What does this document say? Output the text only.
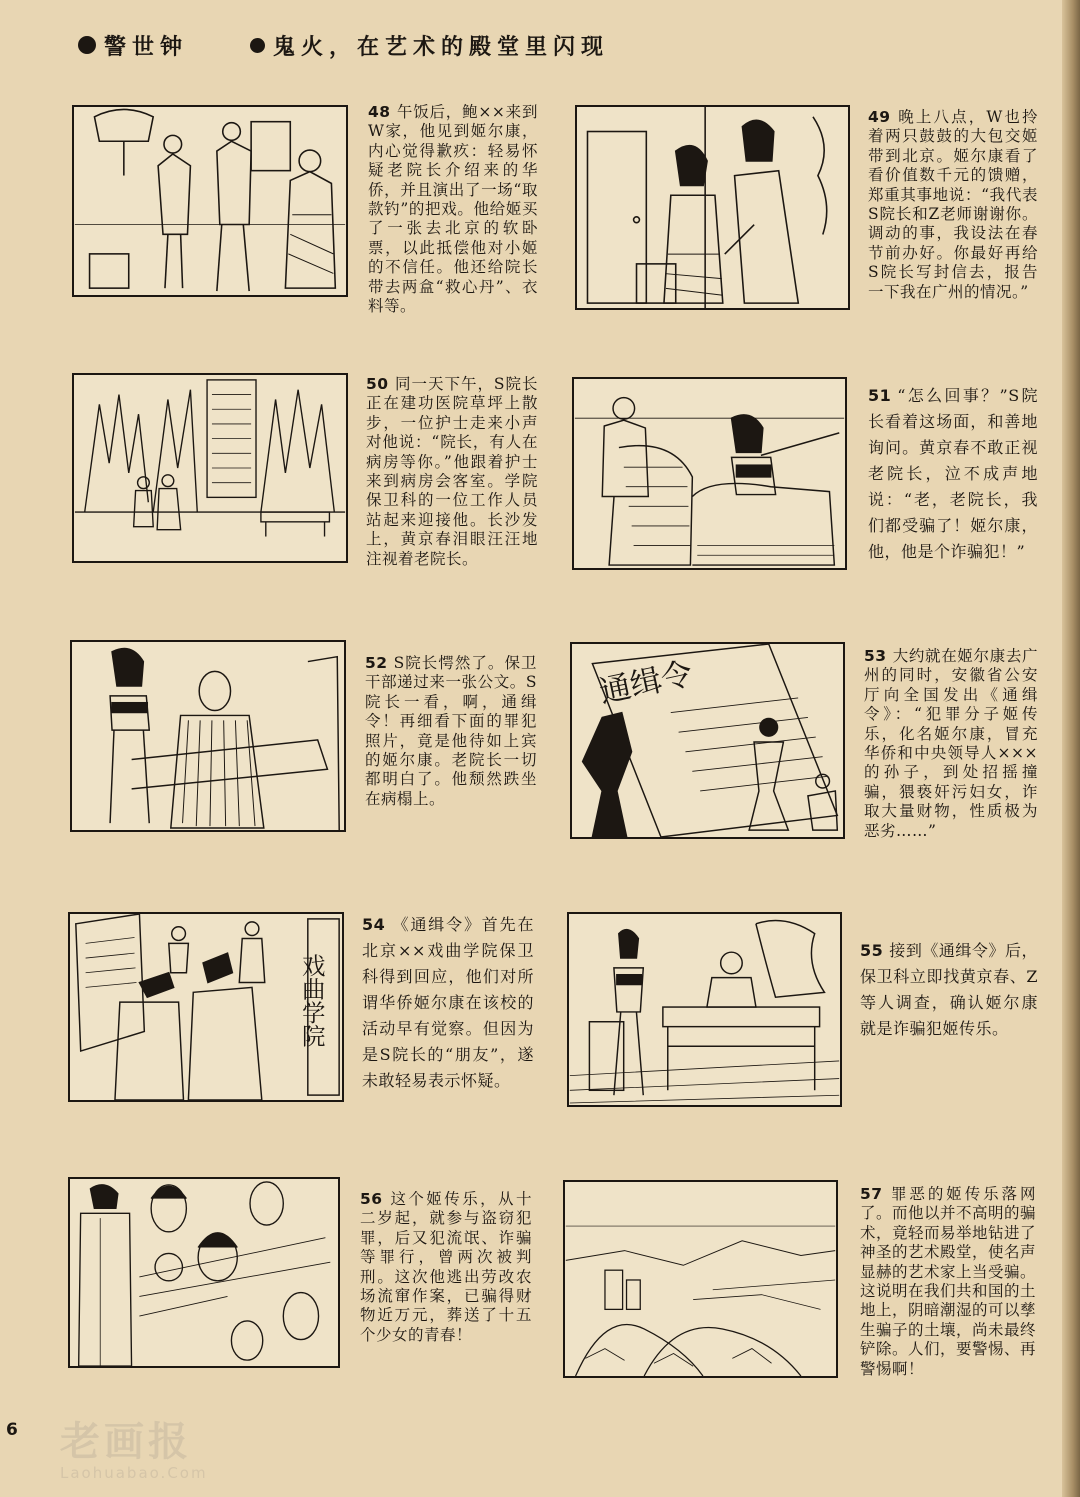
警世钟	鬼火，在艺术的殿堂里闪现
48 午饭后，鲍××来到W家，他见到姬尔康，内心觉得歉疚：轻易怀疑老院长介绍来的华侨，并且演出了一场“取款钓”的把戏。他给姬买了一张去北京的软卧票，以此抵偿他对小姬的不信任。他还给院长带去两盒“救心丹”、衣料等。
49 晚上八点，W也拎着两只鼓鼓的大包交姬带到北京。姬尔康看了看价值数千元的馈赠，郑重其事地说：“我代表S院长和Z老师谢谢你。调动的事，我设法在春节前办好。你最好再给S院长写封信去，报告一下我在广州的情况。”
50 同一天下午，S院长正在建功医院草坪上散步，一位护士走来小声对他说：“院长，有人在病房等你。”他跟着护士来到病房会客室。学院保卫科的一位工作人员站起来迎接他。长沙发上，黄京春泪眼汪汪地注视着老院长。
51 “怎么回事？”S院长看着这场面，和善地询问。黄京春不敢正视老院长，泣不成声地说：“老，老院长，我们都受骗了！姬尔康，他，他是个诈骗犯！”
52 S院长愕然了。保卫干部递过来一张公文。S院长一看，啊，通缉令！再细看下面的罪犯照片，竟是他待如上宾的姬尔康。老院长一切都明白了。他颓然跌坐在病榻上。
通缉令	53 大约就在姬尔康去广州的同时，安徽省公安厅向全国发出《通缉令》：“犯罪分子姬传乐，化名姬尔康，冒充华侨和中央领导人×××的孙子，到处招摇撞骗，猥亵奸污妇女，诈取大量财物，性质极为恶劣……”
戏曲学院
54 《通缉令》首先在北京××戏曲学院保卫科得到回应，他们对所谓华侨姬尔康在该校的活动早有觉察。但因为是S院长的“朋友”，遂未敢轻易表示怀疑。
55 接到《通缉令》后，保卫科立即找黄京春、Z等人调查，确认姬尔康就是诈骗犯姬传乐。
56 这个姬传乐，从十二岁起，就参与盗窃犯罪，后又犯流氓、诈骗等罪行，曾两次被判刑。这次他逃出劳改农场流窜作案，已骗得财物近万元，葬送了十五个少女的青春！
57 罪恶的姬传乐落网了。而他以并不高明的骗术，竟轻而易举地钻进了神圣的艺术殿堂，使名声显赫的艺术家上当受骗。这说明在我们共和国的土地上，阴暗潮湿的可以孳生骗子的土壤，尚未最终铲除。人们，要警惕、再警惕啊！
6 老画报
Laohuabao.Com
